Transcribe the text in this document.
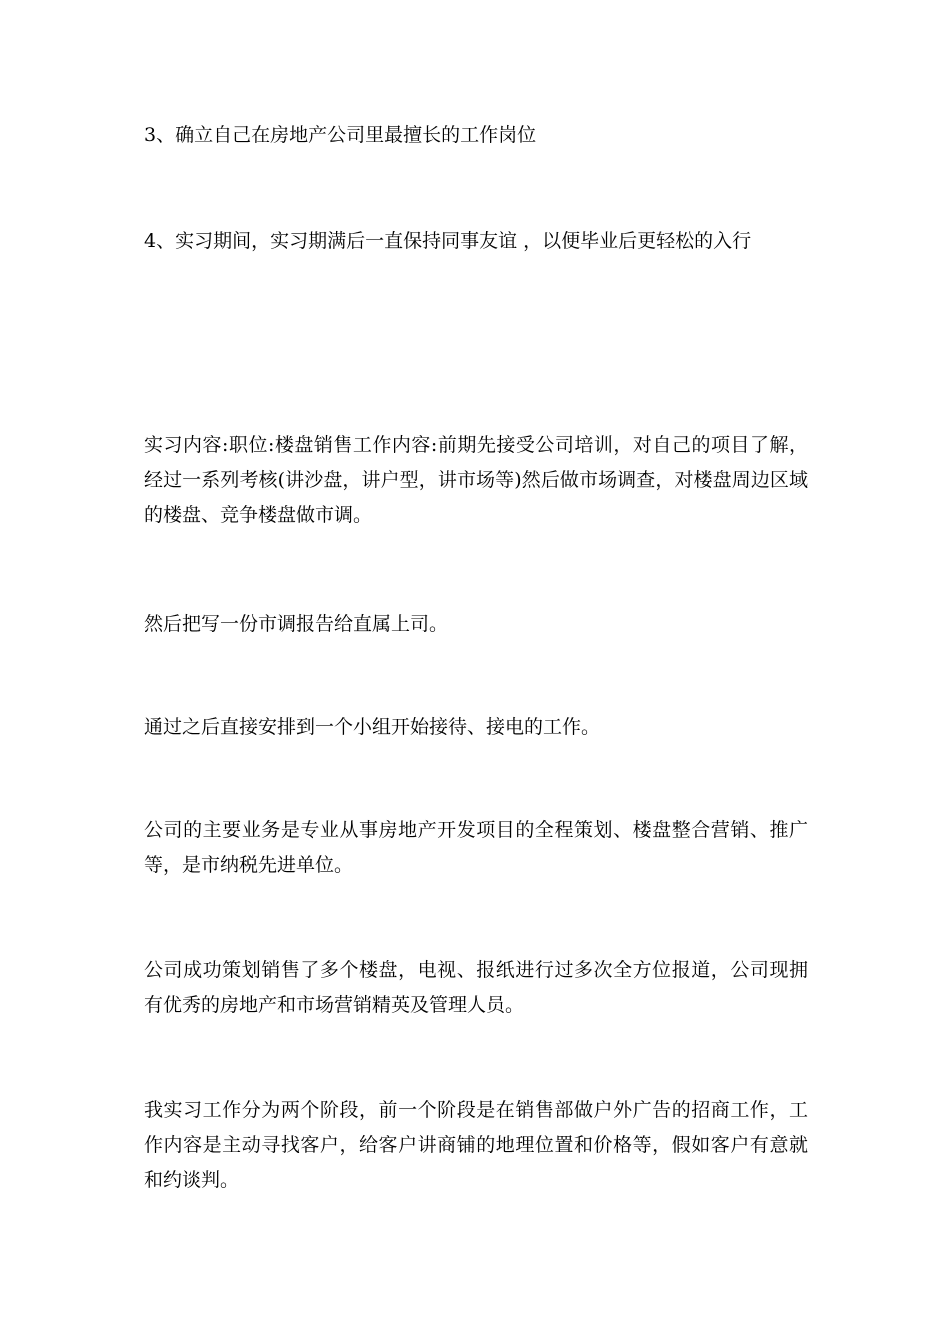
3、确立自己在房地产公司里最擅长的工作岗位

4、实习期间，实习期满后一直保持同事友谊 ，以便毕业后更轻松的入行

实习内容:职位:楼盘销售工作内容:前期先接受公司培训，对自己的项目了解，经过一系列考核(讲沙盘，讲户型，讲市场等)然后做市场调查，对楼盘周边区域的楼盘、竞争楼盘做市调。

然后把写一份市调报告给直属上司。

通过之后直接安排到一个小组开始接待、接电的工作。

公司的主要业务是专业从事房地产开发项目的全程策划、楼盘整合营销、推广等，是市纳税先进单位。

公司成功策划销售了多个楼盘，电视、报纸进行过多次全方位报道，公司现拥有优秀的房地产和市场营销精英及管理人员。

我实习工作分为两个阶段，前一个阶段是在销售部做户外广告的招商工作，工作内容是主动寻找客户，给客户讲商铺的地理位置和价格等，假如客户有意就和约谈判。
